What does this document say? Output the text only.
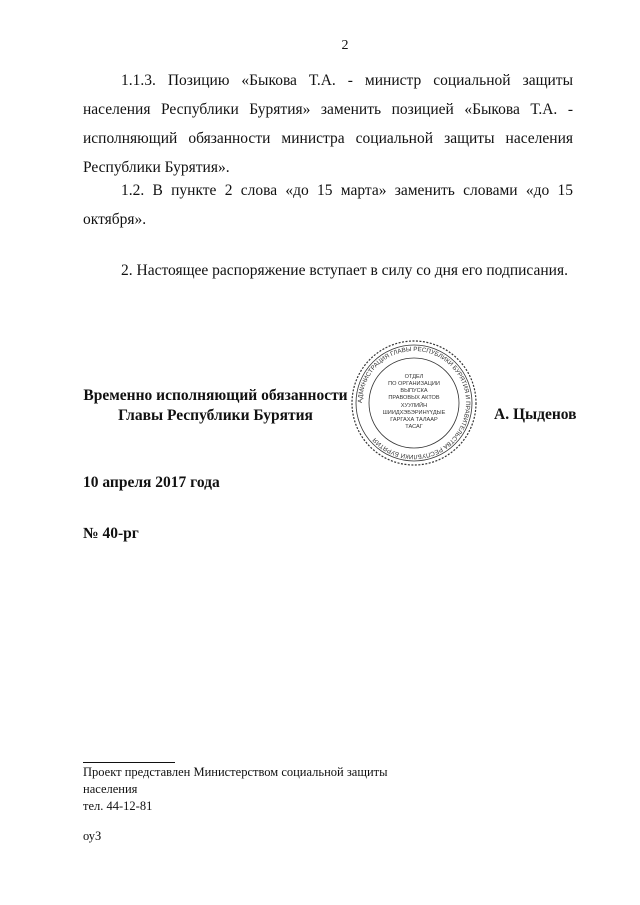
2

1.1.3. Позицию «Быкова Т.А. - министр социальной защиты населения Республики Бурятия» заменить позицией «Быкова Т.А. - исполняющий обязанности министра социальной защиты населения Республики Бурятия».

1.2. В пункте 2 слова «до 15 марта» заменить словами «до 15 октября».

2. Настоящее распоряжение вступает в силу со дня его подписания.

Временно исполняющий обязанности
Главы Республики Бурятия
АДМИНИСТРАЦИЯ ГЛАВЫ РЕСПУБЛИКИ БУРЯТИЯ И ПРАВИТЕЛЬСТВА РЕСПУБЛИКИ БУРЯТИЯ
ОТДЕЛ
ПО ОРГАНИЗАЦИИ
ВЫПУСКА
ПРАВОВЫХ АКТОВ
ХУУЛИЙН
ШИИДХЭБЭРИНҮҮДЫЕ
ГАРГАХА ТАЛААР
ТАСАГ
А. Цыденов
10 апреля 2017 года
№ 40-рг
Проект представлен Министерством социальной защиты
населения
тел. 44-12-81
оуЗ
